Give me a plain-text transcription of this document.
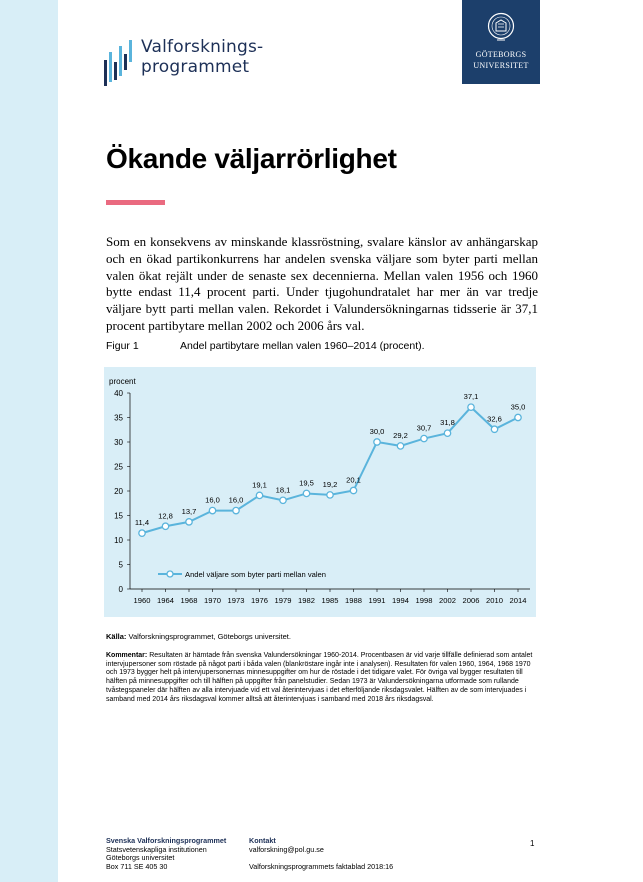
Valforsknings-
programmet
GÖTEBORGS
UNIVERSITET
Ökande väljarrörlighet
Som en konsekvens av minskande klassröstning, svalare känslor av anhängarskap och en ökad partikonkurrens har andelen svenska väljare som byter parti mellan valen ökat rejält under de senaste sex decennierna. Mellan valen 1956 och 1960 bytte endast 11,4 procent parti. Under tjugohundratalet har mer än var tredje väljare bytt parti mellan valen. Rekordet i Valundersökningarnas tidsserie är 37,1 procent partibytare mellan 2002 och 2006 års val.
Figur 1	Andel partibytare mellan valen 1960–2014 (procent).
procent
0
5
10
15
20
25
30
35
40
1960 1964 1968 1970 1973 1976 1979 1982 1985 1988 1991 1994 1998 2002 2006 2010 2014
11,4
12,8 13,7
16,0 16,0
19,1
18,1
19,5 19,2 20,1
30,0 29,2
30,7
31,8
37,1
32,6
35,0
Andel väljare som byter parti mellan valen
Källa: Valforskningsprogrammet, Göteborgs universitet.
Kommentar: Resultaten är hämtade från svenska Valundersökningar 1960-2014. Procentbasen är vid varje tillfälle definierad som antalet intervjupersoner som röstade på något parti i båda valen (blankröstare ingår inte i analysen). Resultaten för valen 1960, 1964, 1968 1970 och 1973 bygger helt på intervjupersonernas minnesuppgifter om hur de röstade i det tidigare valet. För övriga val bygger resultaten till hälften på minnesuppgifter och till hälften på uppgifter från panelstudier. Sedan 1973 är Valundersökningarna utformade som rullande tvåstegspaneler där hälften av alla intervjuade vid ett val återintervjuas i det efterföljande riksdagsvalet. Hälften av de som intervjuades i samband med 2014 års riksdagsval kommer alltså att återintervjuas i samband med 2018 års riksdagsval.
Svenska Valforskningsprogrammet
Statsvetenskapliga institutionen
Göteborgs universitet
Box 711 SE 405 30
Kontakt
valforskning@pol.gu.se

Valforskningsprogrammets faktablad 2018:16
1
